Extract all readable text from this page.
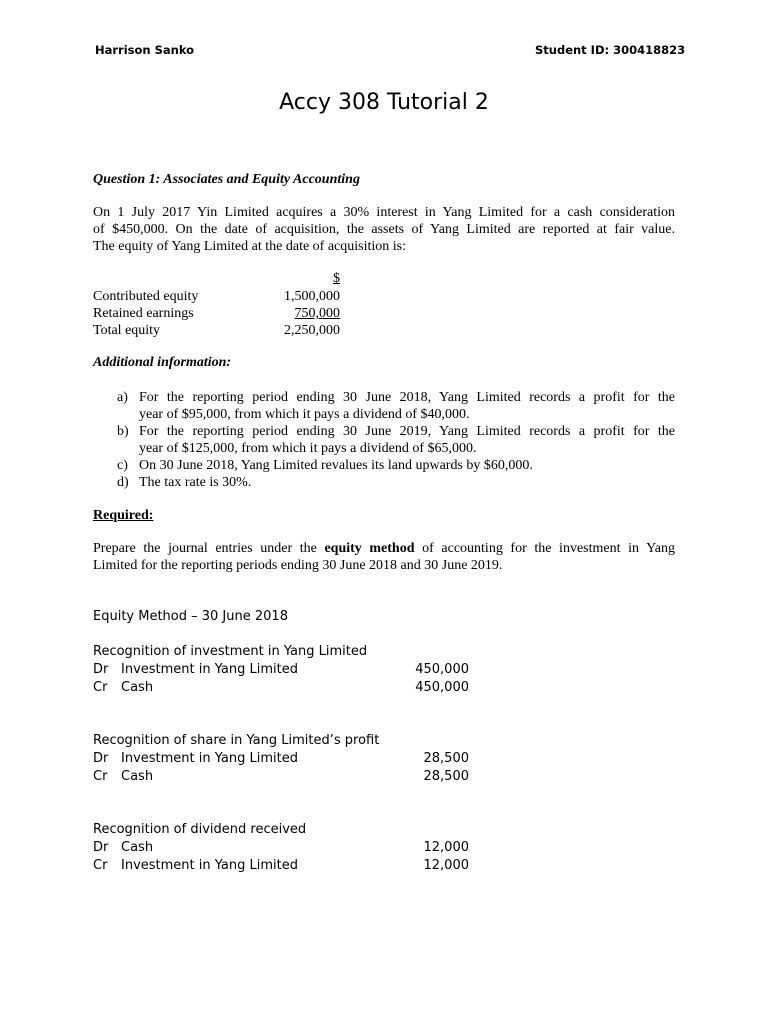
Harrison Sanko	Student ID: 300418823
Accy 308 Tutorial 2
Question 1: Associates and Equity Accounting
On 1 July 2017 Yin Limited acquires a 30% interest in Yang Limited for a cash consideration
of $450,000. On the date of acquisition, the assets of Yang Limited are reported at fair value.
The equity of Yang Limited at the date of acquisition is:
$
Contributed equity	1,500,000
Retained earnings	750,000
Total equity	2,250,000
Additional information:
a) For the reporting period ending 30 June 2018, Yang Limited records a profit for the
year of $95,000, from which it pays a dividend of $40,000.
b) For the reporting period ending 30 June 2019, Yang Limited records a profit for the
year of $125,000, from which it pays a dividend of $65,000.
c) On 30 June 2018, Yang Limited revalues its land upwards by $60,000.
d) The tax rate is 30%.
Required:
Prepare the journal entries under the equity method of accounting for the investment in Yang
Limited for the reporting periods ending 30 June 2018 and 30 June 2019.
Equity Method – 30 June 2018
Recognition of investment in Yang Limited
Dr Investment in Yang Limited	450,000
Cr	Cash	450,000
Recognition of share in Yang Limited’s profit
Dr Investment in Yang Limited	28,500
Cr	Cash	28,500
Recognition of dividend received
Dr Cash	12,000
Cr	Investment in Yang Limited	12,000
